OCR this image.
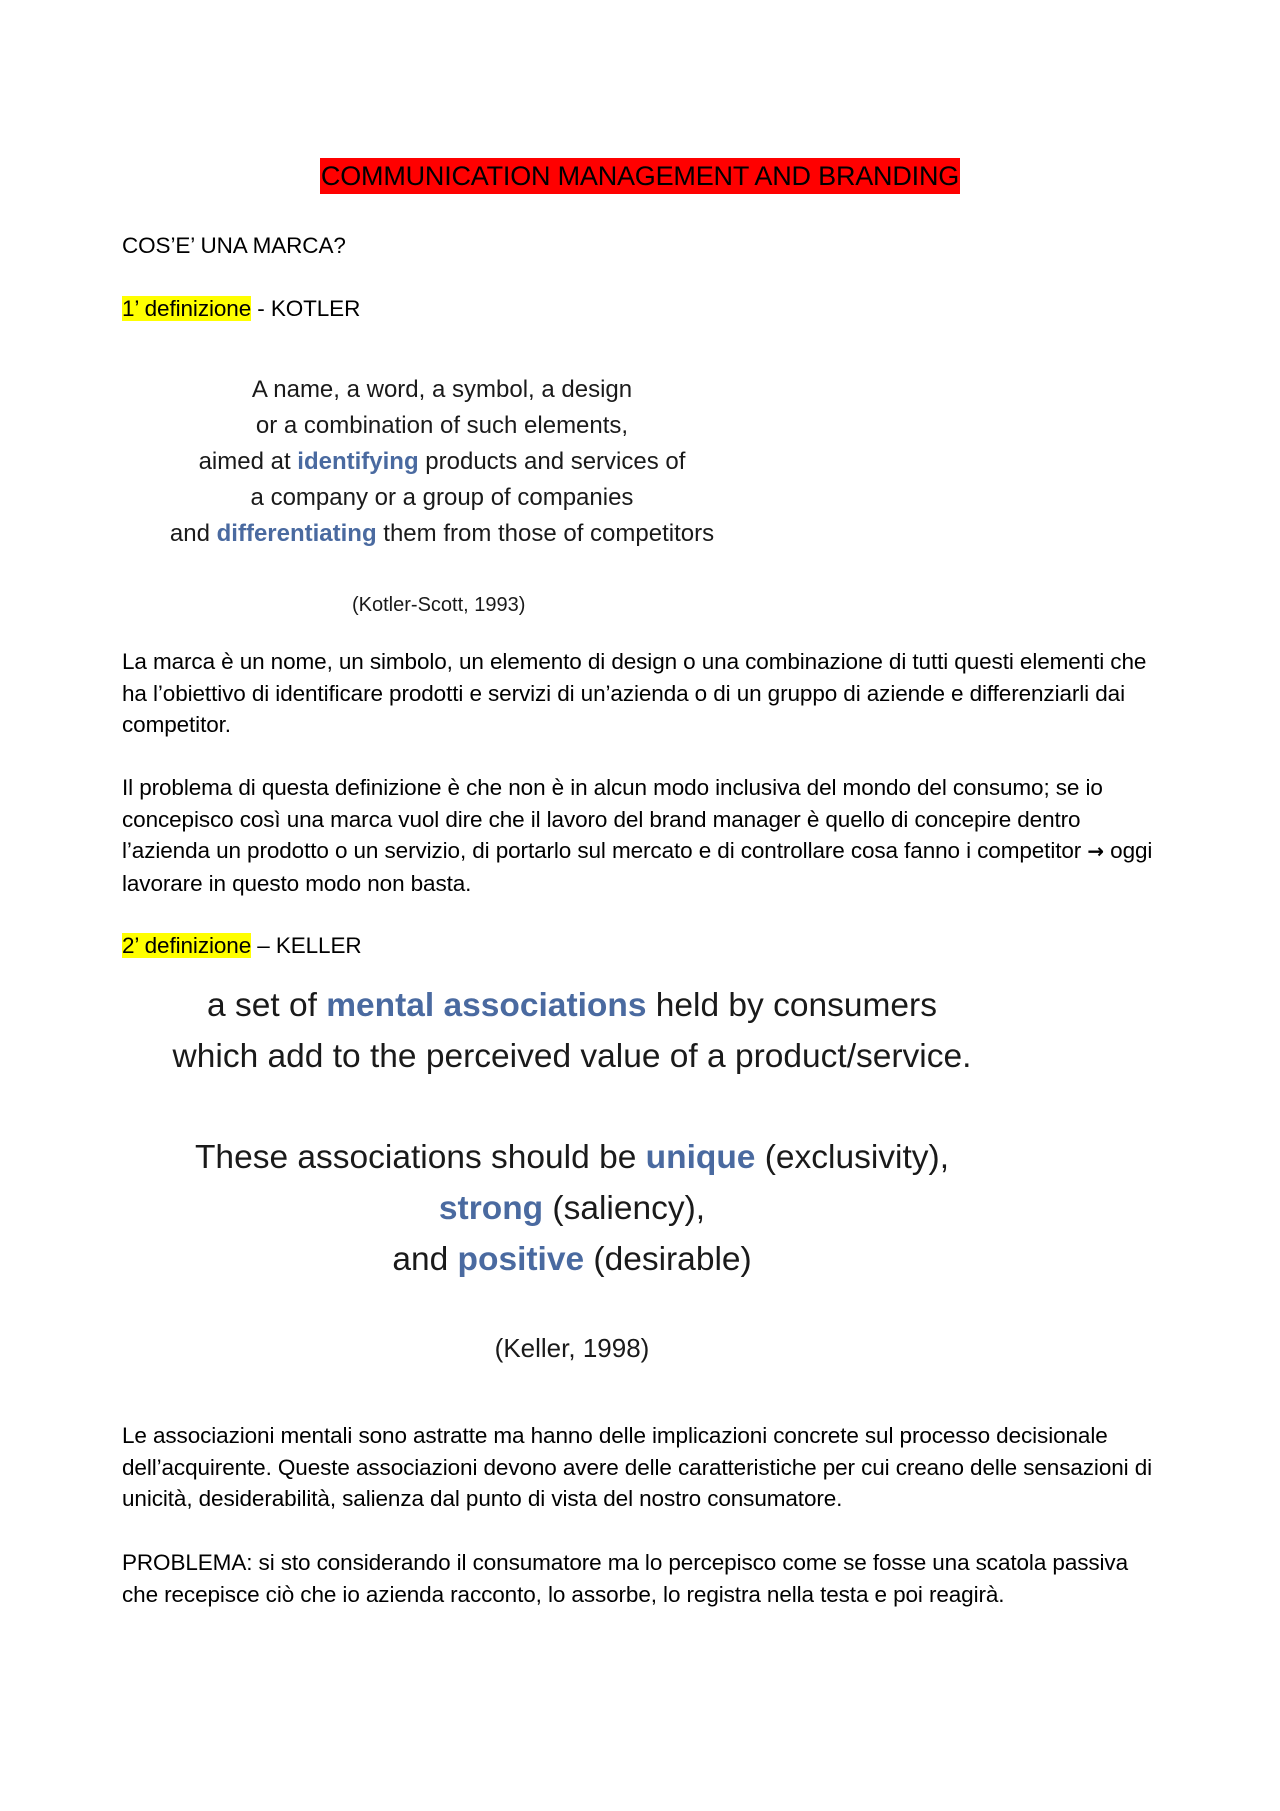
COMMUNICATION MANAGEMENT AND BRANDING
COS’E’ UNA MARCA?
1’ definizione - KOTLER
A name, a word, a symbol, a design
or a combination of such elements,
aimed at identifying products and services of
a company or a group of companies
and differentiating them from those of competitors
(Kotler-Scott, 1993)
La marca è un nome, un simbolo, un elemento di design o una combinazione di tutti questi elementi che ha l’obiettivo di identificare prodotti e servizi di un’azienda o di un gruppo di aziende e differenziarli dai competitor.
Il problema di questa definizione è che non è in alcun modo inclusiva del mondo del consumo; se io concepisco così una marca vuol dire che il lavoro del brand manager è quello di concepire dentro l’azienda un prodotto o un servizio, di portarlo sul mercato e di controllare cosa fanno i competitor → oggi lavorare in questo modo non basta.
2’ definizione – KELLER
a set of mental associations held by consumers
which add to the perceived value of a product/service.
These associations should be unique (exclusivity),
strong (saliency),
and positive (desirable)
(Keller, 1998)
Le associazioni mentali sono astratte ma hanno delle implicazioni concrete sul processo decisionale dell’acquirente. Queste associazioni devono avere delle caratteristiche per cui creano delle sensazioni di unicità, desiderabilità, salienza dal punto di vista del nostro consumatore.
PROBLEMA: si sto considerando il consumatore ma lo percepisco come se fosse una scatola passiva che recepisce ciò che io azienda racconto, lo assorbe, lo registra nella testa e poi reagirà.
